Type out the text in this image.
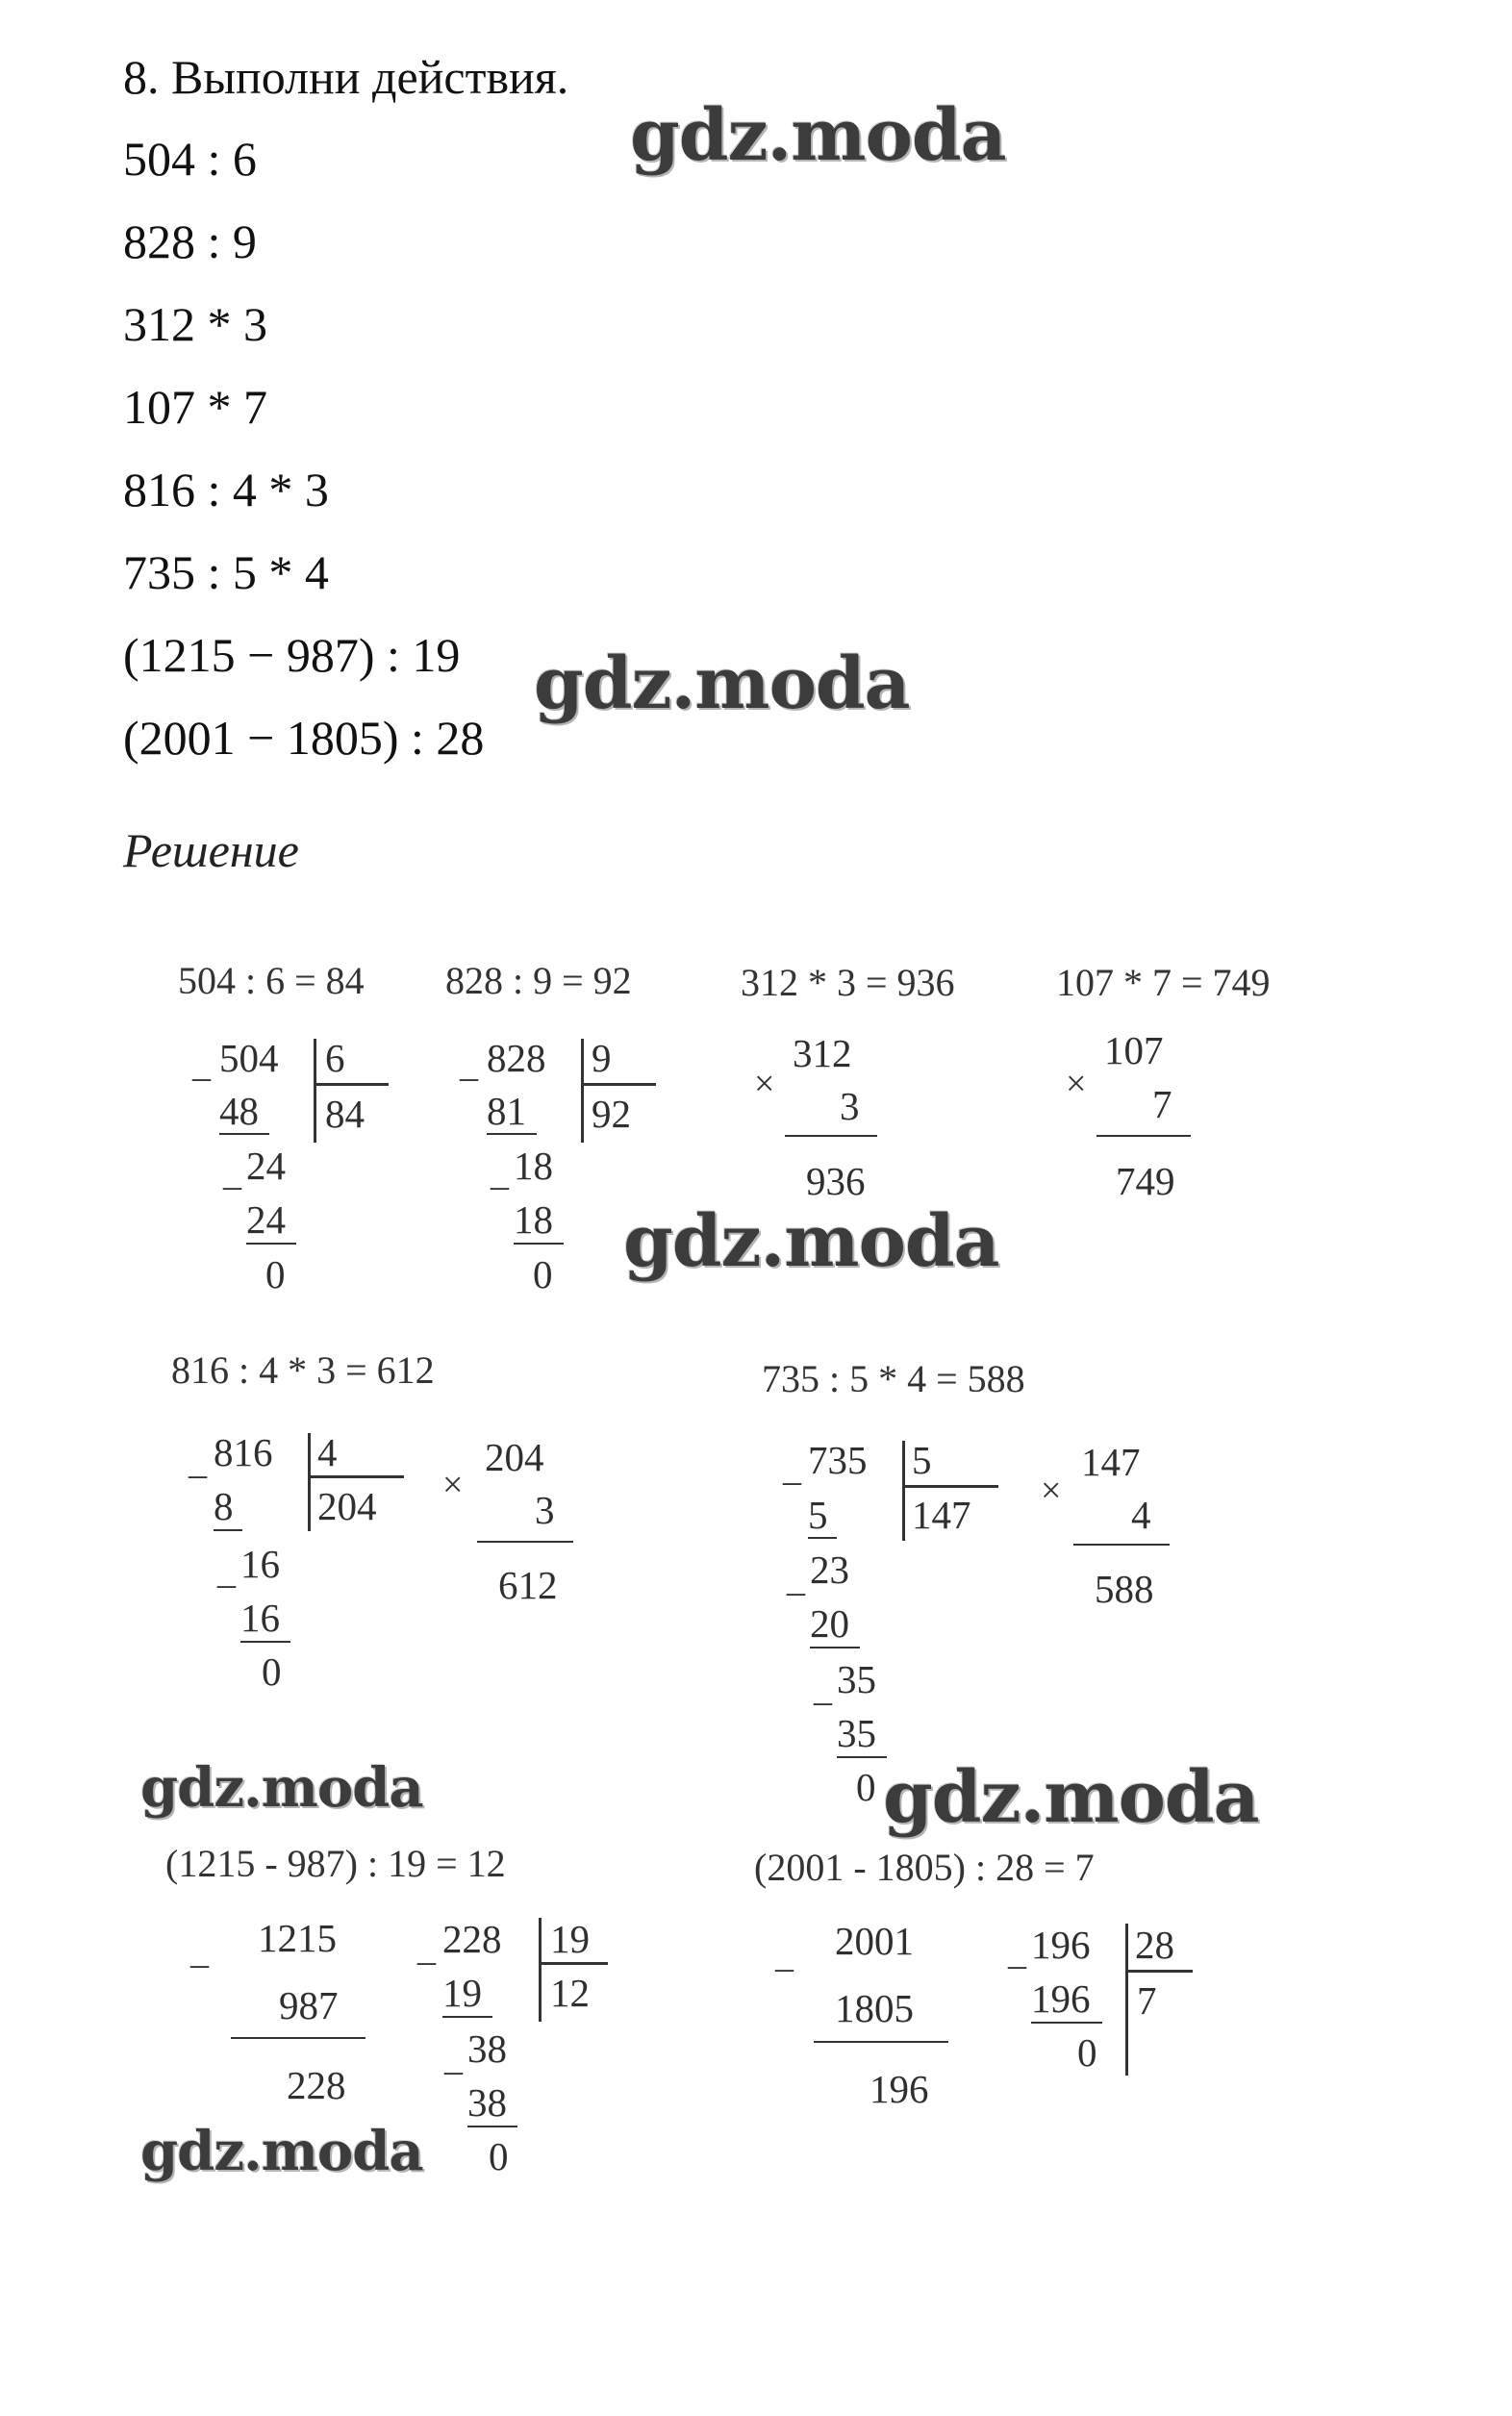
8. Выполни действия.
504 : 6
828 : 9
312 * 3
107 * 7
816 : 4 * 3
735 : 5 * 4
(1215 − 987) : 19
(2001 − 1805) : 28
Решение
504 : 6 = 84 828 : 9 = 92	312 * 3 = 936	107 * 7 = 749
_ 504 6
84
48
_ 24
24
0
_ 828 9
92
81
_ 18
18
0
×
312
3
936
×
107
7
749
816 : 4 * 3 = 612	735 : 5 * 4 = 588
_ 816 4
204
8
_ 16
16
0
×
204
3
612
_ 735 5
147
5
_ 23
20
_ 35
35
0
×
147
4
588
(1215 - 987) : 19 = 12	(2001 - 1805) : 28 = 7
–
1215
987
228
_ 228 19
12
19
_ 38
38
0
–
2001
1805
196
_ 196 28
7
196
0
gdz.moda
gdz.moda
gdz.moda
gdz.moda	gdz.moda
gdz.moda
